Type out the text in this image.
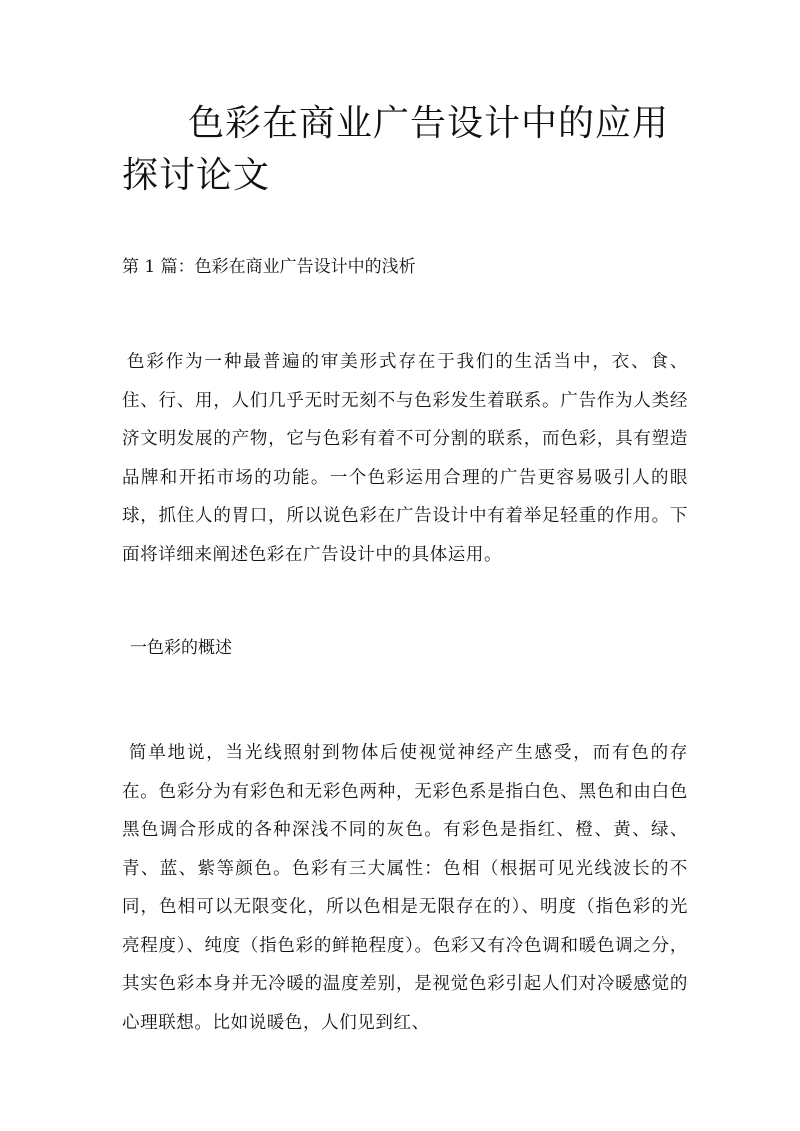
色彩在商业广告设计中的应用探讨论文

第 1 篇：色彩在商业广告设计中的浅析

色彩作为一种最普遍的审美形式存在于我们的生活当中，衣、食、住、行、用，人们几乎无时无刻不与色彩发生着联系。广告作为人类经济文明发展的产物，它与色彩有着不可分割的联系，而色彩，具有塑造品牌和开拓市场的功能。一个色彩运用合理的广告更容易吸引人的眼球，抓住人的胃口，所以说色彩在广告设计中有着举足轻重的作用。下面将详细来阐述色彩在广告设计中的具体运用。

一色彩的概述

简单地说，当光线照射到物体后使视觉神经产生感受，而有色的存在。色彩分为有彩色和无彩色两种，无彩色系是指白色、黑色和由白色黑色调合形成的各种深浅不同的灰色。有彩色是指红、橙、黄、绿、青、蓝、紫等颜色。色彩有三大属性：色相（根据可见光线波长的不同，色相可以无限变化，所以色相是无限存在的）、明度（指色彩的光亮程度）、纯度（指色彩的鲜艳程度）。色彩又有冷色调和暖色调之分，其实色彩本身并无冷暖的温度差别，是视觉色彩引起人们对冷暖感觉的心理联想。比如说暖色，人们见到红、
